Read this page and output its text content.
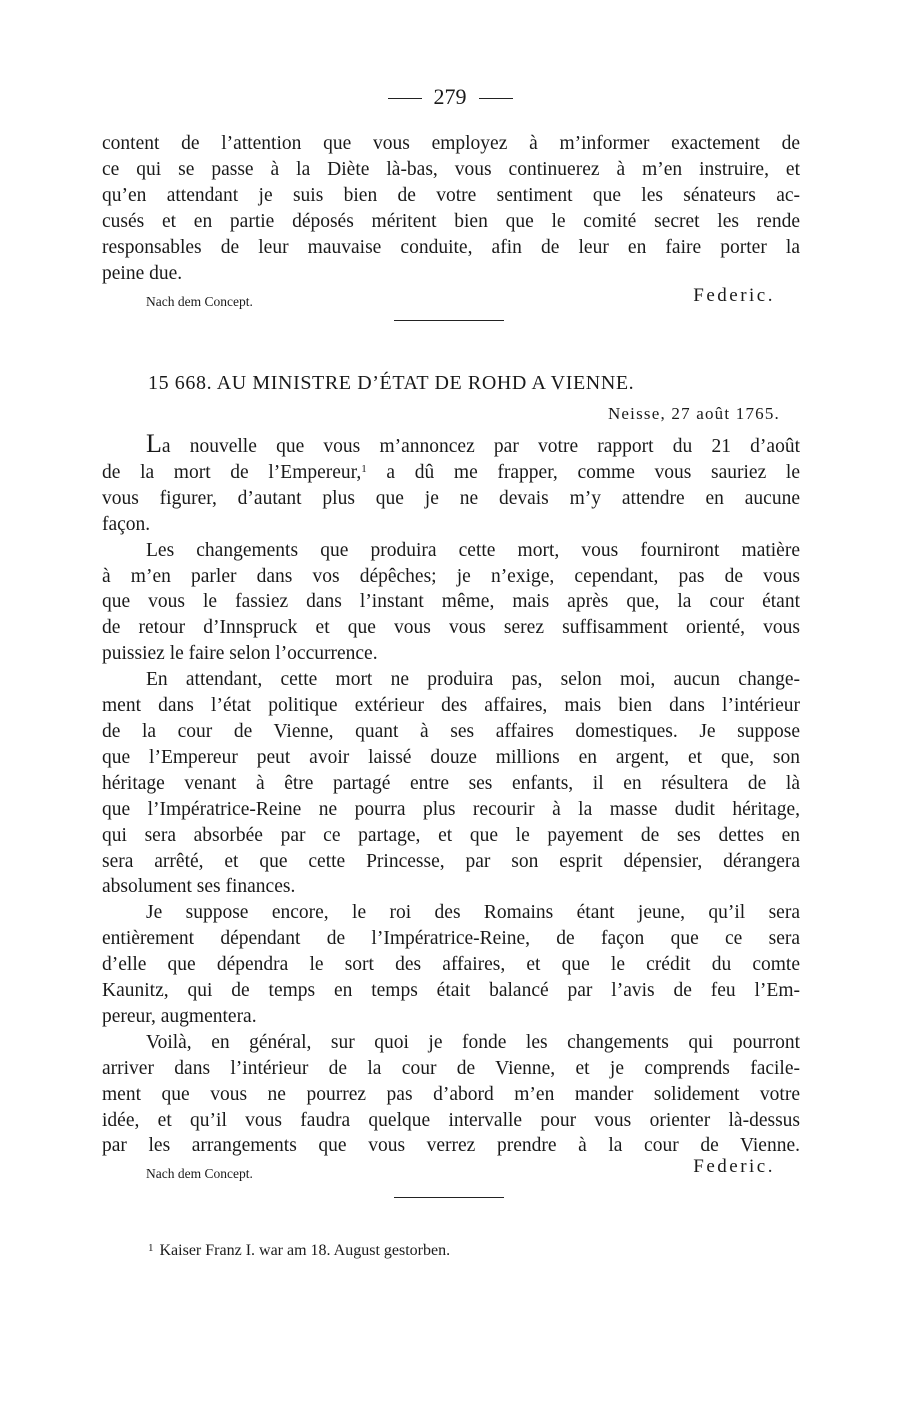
279
content de l’attention que vous employez à m’informer exactement de
ce qui se passe à la Diète là-bas, vous continuerez à m’en instruire, et
qu’en attendant je suis bien de votre sentiment que les sénateurs ac-
cusés et en partie déposés méritent bien que le comité secret les rende
responsables de leur mauvaise conduite, afin de leur en faire porter la
peine due.
Nach dem Concept.	Federic.
15 668. AU MINISTRE D’ÉTAT DE ROHD A VIENNE.
Neisse, 27 août 1765.
La nouvelle que vous m’annoncez par votre rapport du 21 d’août
de la mort de l’Empereur,$^1$ a dû me frapper, comme vous sauriez le
vous figurer, d’autant plus que je ne devais m’y attendre en aucune
façon.
Les changements que produira cette mort, vous fourniront matière
à m’en parler dans vos dépêches; je n’exige, cependant, pas de vous
que vous le fassiez dans l’instant même, mais après que, la cour étant
de retour d’Innspruck et que vous vous serez suffisamment orienté, vous
puissiez le faire selon l’occurrence.
En attendant, cette mort ne produira pas, selon moi, aucun change-
ment dans l’état politique extérieur des affaires, mais bien dans l’intérieur
de la cour de Vienne, quant à ses affaires domestiques. Je suppose
que l’Empereur peut avoir laissé douze millions en argent, et que, son
héritage venant à être partagé entre ses enfants, il en résultera de là
que l’Impératrice-Reine ne pourra plus recourir à la masse dudit héritage,
qui sera absorbée par ce partage, et que le payement de ses dettes en
sera arrêté, et que cette Princesse, par son esprit dépensier, dérangera
absolument ses finances.
Je suppose encore, le roi des Romains étant jeune, qu’il sera
entièrement dépendant de l’Impératrice-Reine, de façon que ce sera
d’elle que dépendra le sort des affaires, et que le crédit du comte
Kaunitz, qui de temps en temps était balancé par l’avis de feu l’Em-
pereur, augmentera.
Voilà, en général, sur quoi je fonde les changements qui pourront
arriver dans l’intérieur de la cour de Vienne, et je comprends facile-
ment que vous ne pourrez pas d’abord m’en mander solidement votre
idée, et qu’il vous faudra quelque intervalle pour vous orienter là-dessus
par les arrangements que vous verrez prendre à la cour de Vienne.
Nach dem Concept.	Federic.
$^1$ Kaiser Franz I. war am 18. August gestorben.
